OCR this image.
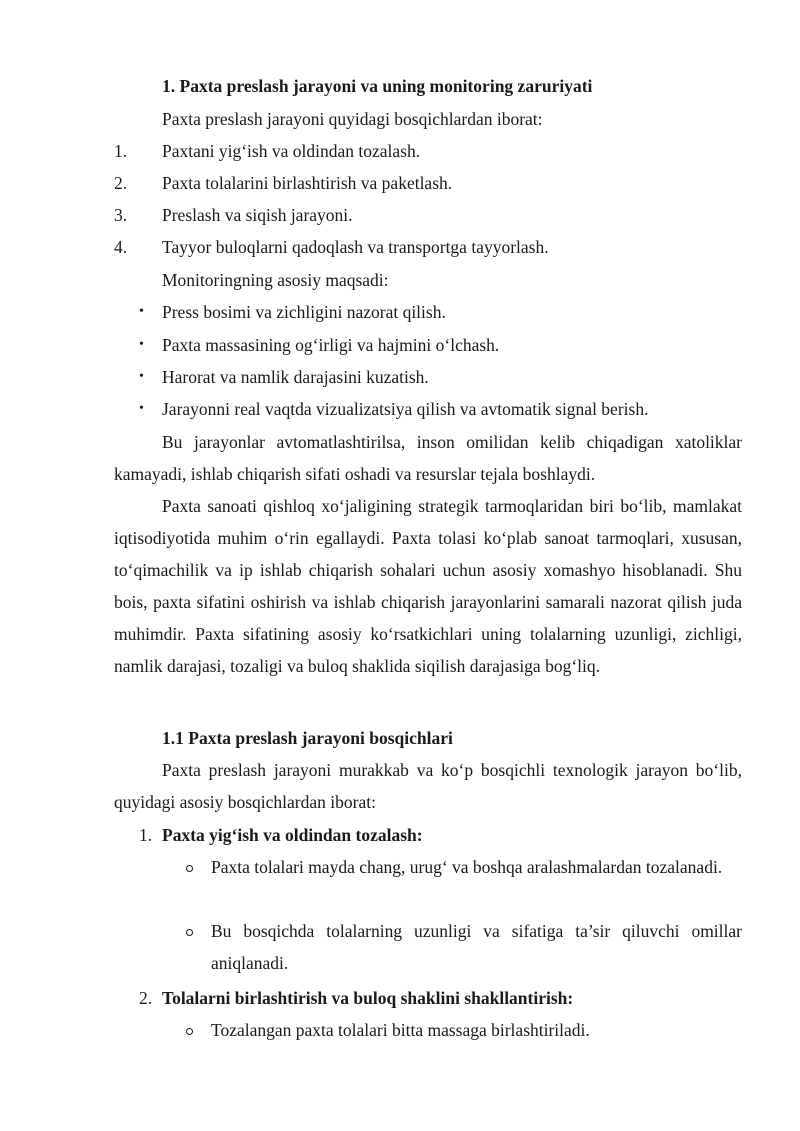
1. Paxta preslash jarayoni va uning monitoring zaruriyati
Paxta preslash jarayoni quyidagi bosqichlardan iborat:
1. Paxtani yig‘ish va oldindan tozalash.
2. Paxta tolalarini birlashtirish va paketlash.
3. Preslash va siqish jarayoni.
4. Tayyor buloqlarni qadoqlash va transportga tayyorlash.
Monitoringning asosiy maqsadi:
• Press bosimi va zichligini nazorat qilish.
• Paxta massasining og‘irligi va hajmini o‘lchash.
• Harorat va namlik darajasini kuzatish.
• Jarayonni real vaqtda vizualizatsiya qilish va avtomatik signal berish.
Bu jarayonlar avtomatlashtirilsa, inson omilidan kelib chiqadigan xatoliklar kamayadi, ishlab chiqarish sifati oshadi va resurslar tejala boshlaydi.
Paxta sanoati qishloq xo‘jaligining strategik tarmoqlaridan biri bo‘lib, mamlakat iqtisodiyotida muhim o‘rin egallaydi. Paxta tolasi ko‘plab sanoat tarmoqlari, xususan, to‘qimachilik va ip ishlab chiqarish sohalari uchun asosiy xomashyo hisoblanadi. Shu bois, paxta sifatini oshirish va ishlab chiqarish jarayonlarini samarali nazorat qilish juda muhimdir. Paxta sifatining asosiy ko‘rsatkichlari uning tolalarning uzunligi, zichligi, namlik darajasi, tozaligi va buloq shaklida siqilish darajasiga bog‘liq.
1.1 Paxta preslash jarayoni bosqichlari
Paxta preslash jarayoni murakkab va ko‘p bosqichli texnologik jarayon bo‘lib, quyidagi asosiy bosqichlardan iborat:
1. Paxta yig‘ish va oldindan tozalash:
Paxta tolalari mayda chang, urug‘ va boshqa aralashmalardan tozalanadi.
Bu bosqichda tolalarning uzunligi va sifatiga ta’sir qiluvchi omillar aniqlanadi.
2. Tolalarni birlashtirish va buloq shaklini shakllantirish:
Tozalangan paxta tolalari bitta massaga birlashtiriladi.
